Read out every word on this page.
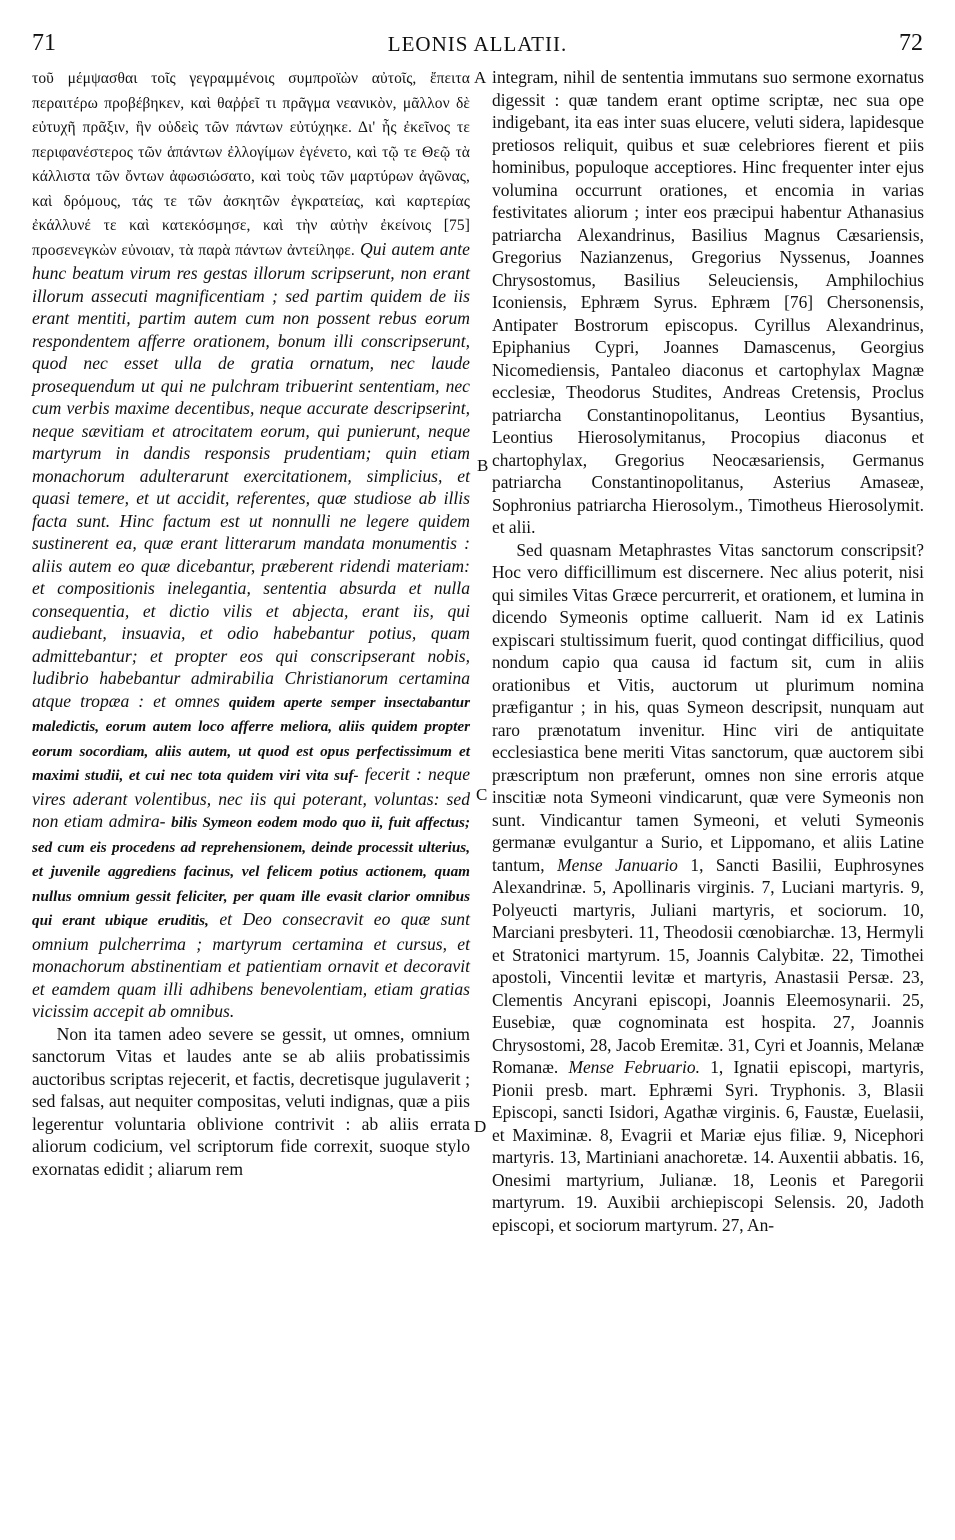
71	LEONIS ALLATII.	72
A
B
C
D

τοῦ μέμψασθαι τοῖς γεγραμμένοις συμπροϊὼν αὐτοῖς, ἔπειτα περαιτέρω προβέβηκεν, καὶ θαῤῥεῖ τι πρᾶγμα νεανικὸν, μᾶλλον δὲ εὐτυχῆ πρᾶξιν, ἣν οὐδεὶς τῶν πάντων εὐτύχηκε. Δι' ἧς ἐκεῖνος τε περιφανέστερος τῶν ἁπάντων ἐλλογίμων ἐγένετο, καὶ τῷ τε Θεῷ τὰ κάλλιστα τῶν ὄντων ἀφωσιώσατο, καὶ τοὺς τῶν μαρτύρων ἀγῶνας, καὶ δρόμους, τάς τε τῶν ἀσκητῶν ἐγκρατείας, καὶ καρτερίας ἐκάλλυνέ τε καὶ κατεκόσμησε, καὶ τὴν αὐτὴν ἐκείνοις [75] προσενεγκὼν εὐνοιαν, τὰ παρὰ πάντων ἀντείληφε. Qui autem ante hunc beatum virum res gestas illorum scripserunt, non erant illorum assecuti magnificentiam ; sed partim quidem de iis erant mentiti, partim autem cum non possent rebus eorum respondentem afferre orationem, bonum illi conscripserunt, quod nec esset ulla de gratia ornatum, nec laude prosequendum ut qui ne pulchram tribuerint sententiam, nec cum verbis maxime decentibus, neque accurate descripserint, neque sævitiam et atrocitatem eorum, qui punierunt, neque martyrum in dandis responsis prudentiam; quin etiam monachorum adulterarunt exercitationem, simplicius, et quasi temere, et ut accidit, referentes, quæ studiose ab illis facta sunt. Hinc factum est ut nonnulli ne legere quidem sustinerent ea, quæ erant litterarum mandata monumentis : aliis autem eo quæ dicebantur, præberent ridendi materiam: et compositionis inelegantia, sententia absurda et nulla consequentia, et dictio vilis et abjecta, erant iis, qui audiebant, insuavia, et odio habebantur potius, quam admittebantur; et propter eos qui conscripserant nobis, ludibrio habebantur admirabilia Christianorum certamina atque tropæa : et omnes quidem aperte semper insectabantur maledictis, eorum autem loco afferre meliora, aliis quidem propter eorum socordiam, aliis autem, ut quod est opus perfectissimum et maximi studii, et cui nec tota quidem viri vita suf- fecerit : neque vires aderant volentibus, nec iis qui poterant, voluntas: sed non etiam admira- bilis Symeon eodem modo quo ii, fuit affectus; sed cum eis procedens ad reprehensionem, deinde processit ulterius, et juvenile aggrediens facinus, vel felicem potius actionem, quam nullus omnium gessit feliciter, per quam ille evasit clarior omnibus qui erant ubique eruditis, et Deo consecravit eo quæ sunt omnium pulcherrima ; martyrum certamina et cursus, et monachorum abstinentiam et patientiam ornavit et decoravit et eamdem quam illi adhibens benevolentiam, etiam gratias vicissim accepit ab omnibus.

Non ita tamen adeo severe se gessit, ut omnes, omnium sanctorum Vitas et laudes ante se ab aliis probatissimis auctoribus scriptas rejecerit, et factis, decretisque jugulaverit ; sed falsas, aut nequiter compositas, veluti indignas, quæ a piis legerentur voluntaria oblivione contrivit : ab aliis errata aliorum codicium, vel scriptorum fide correxit, suoque stylo exornatas edidit ; aliarum rem

integram, nihil de sententia immutans suo sermone exornatus digessit : quæ tandem erant optime scriptæ, nec sua ope indigebant, ita eas inter suas elucere, veluti sidera, lapidesque pretiosos reliquit, quibus et suæ celebriores fierent et piis hominibus, populoque acceptiores. Hinc frequenter inter ejus volumina occurrunt orationes, et encomia in varias festivitates aliorum ; inter eos præcipui habentur Athanasius patriarcha Alexandrinus, Basilius Magnus Cæsariensis, Gregorius Nazianzenus, Gregorius Nyssenus, Joannes Chrysostomus, Basilius Seleuciensis, Amphilochius Iconiensis, Ephræm Syrus. Ephræm [76] Chersonensis, Antipater Bostrorum episcopus. Cyrillus Alexandrinus, Epiphanius Cypri, Joannes Damascenus, Georgius Nicomediensis, Pantaleo diaconus et cartophylax Magnæ ecclesiæ, Theodorus Studites, Andreas Cretensis, Proclus patriarcha Constantinopolitanus, Leontius Bysantius, Leontius Hierosolymitanus, Procopius diaconus et chartophylax, Gregorius Neocæsariensis, Germanus patriarcha Constantinopolitanus, Asterius Amaseæ, Sophronius patriarcha Hierosolym., Timotheus Hierosolymit. et alii.

Sed quasnam Metaphrastes Vitas sanctorum conscripsit? Hoc vero difficillimum est discernere. Nec alius poterit, nisi qui similes Vitas Græce percurrerit, et orationem, et lumina in dicendo Symeonis optime calluerit. Nam id ex Latinis expiscari stultissimum fuerit, quod contingat difficilius, quod nondum capio qua causa id factum sit, cum in aliis orationibus et Vitis, auctorum ut plurimum nomina præfigantur ; in his, quas Symeon descripsit, nunquam aut raro prænotatum invenitur. Hinc viri de antiquitate ecclesiastica bene meriti Vitas sanctorum, quæ auctorem sibi præscriptum non præferunt, omnes non sine erroris atque inscitiæ nota Symeoni vindicarunt, quæ vere Symeonis non sunt. Vindicantur tamen Symeoni, et veluti Symeonis germanæ evulgantur a Surio, et Lippomano, et aliis Latine tantum, Mense Januario 1, Sancti Basilii, Euphrosynes Alexandrinæ. 5, Apollinaris virginis. 7, Luciani martyris. 9, Polyeucti martyris, Juliani martyris, et sociorum. 10, Marciani presbyteri. 11, Theodosii cœnobiarchæ. 13, Hermyli et Stratonici martyrum. 15, Joannis Calybitæ. 22, Timothei apostoli, Vincentii levitæ et martyris, Anastasii Persæ. 23, Clementis Ancyrani episcopi, Joannis Eleemosynarii. 25, Eusebiæ, quæ cognominata est hospita. 27, Joannis Chrysostomi, 28, Jacob Eremitæ. 31, Cyri et Joannis, Melanæ Romanæ. Mense Februario. 1, Ignatii episcopi, martyris, Pionii presb. mart. Ephræmi Syri. Tryphonis. 3, Blasii Episcopi, sancti Isidori, Agathæ virginis. 6, Faustæ, Euelasii, et Maximinæ. 8, Evagrii et Mariæ ejus filiæ. 9, Nicephori martyris. 13, Martiniani anachoretæ. 14. Auxentii abbatis. 16, Onesimi martyrium, Julianæ. 18, Leonis et Paregorii martyrum. 19. Auxibii archiepiscopi Selensis. 20, Jadoth episcopi, et sociorum martyrum. 27, An-
